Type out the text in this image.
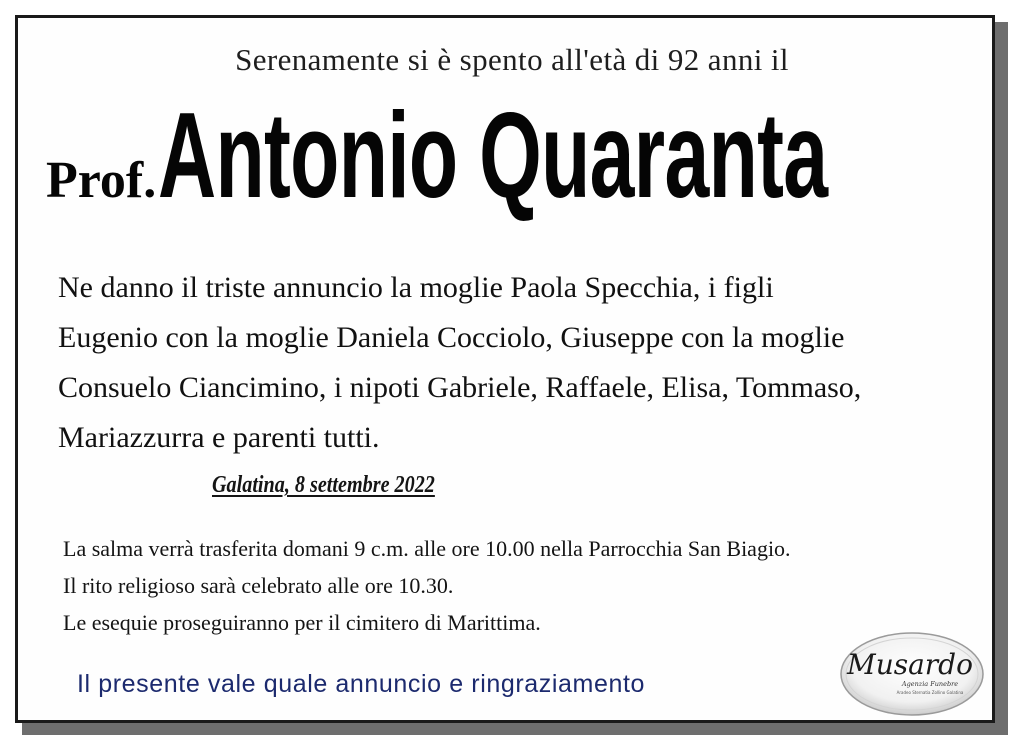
Serenamente si è spento all'età di 92 anni il
Prof.Antonio Quaranta
Ne danno il triste annuncio la moglie Paola Specchia, i figli
Eugenio con la moglie Daniela Cocciolo, Giuseppe con la moglie
Consuelo Ciancimino, i nipoti Gabriele, Raffaele, Elisa, Tommaso,
Mariazzurra e parenti tutti.
Galatina, 8 settembre 2022
La salma verrà trasferita domani 9 c.m. alle ore 10.00 nella Parrocchia San Biagio.
Il rito religioso sarà celebrato alle ore 10.30.
Le esequie proseguiranno per il cimitero di Marittima.
Il presente vale quale annuncio e ringraziamento
Musardo
Agenzia Funebre
Aradeo Sternatia Zollino Galatina
